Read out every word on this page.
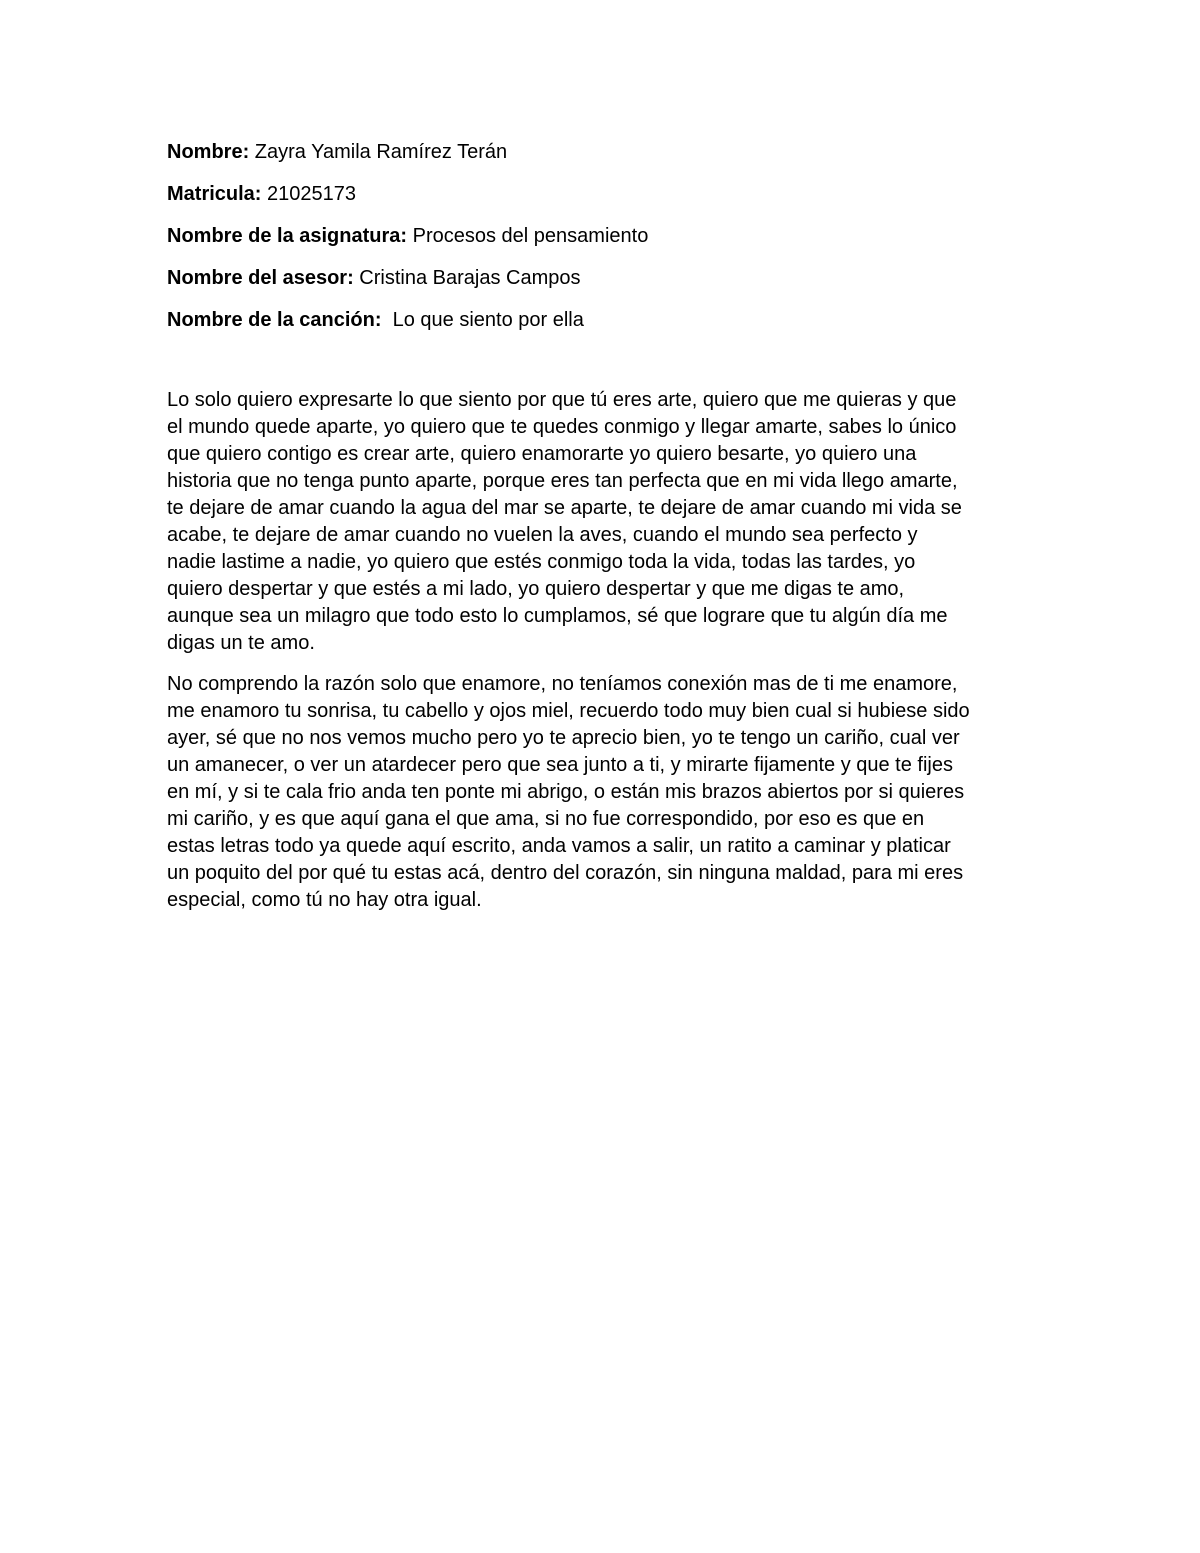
Nombre: Zayra Yamila Ramírez Terán
Matricula: 21025173
Nombre de la asignatura: Procesos del pensamiento
Nombre del asesor: Cristina Barajas Campos
Nombre de la canción:  Lo que siento por ella

Lo solo quiero expresarte lo que siento por que tú eres arte, quiero que me quieras y que
el mundo quede aparte, yo quiero que te quedes conmigo y llegar amarte, sabes lo único
que quiero contigo es crear arte, quiero enamorarte yo quiero besarte, yo quiero una
historia que no tenga punto aparte, porque eres tan perfecta que en mi vida llego amarte,
te dejare de amar cuando la agua del mar se aparte, te dejare de amar cuando mi vida se
acabe, te dejare de amar cuando no vuelen la aves, cuando el mundo sea perfecto y
nadie lastime a nadie, yo quiero que estés conmigo toda la vida, todas las tardes, yo
quiero despertar y que estés a mi lado, yo quiero despertar y que me digas te amo,
aunque sea un milagro que todo esto lo cumplamos, sé que lograre que tu algún día me
digas un te amo.

No comprendo la razón solo que enamore, no teníamos conexión mas de ti me enamore,
me enamoro tu sonrisa, tu cabello y ojos miel, recuerdo todo muy bien cual si hubiese sido
ayer, sé que no nos vemos mucho pero yo te aprecio bien, yo te tengo un cariño, cual ver
un amanecer, o ver un atardecer pero que sea junto a ti, y mirarte fijamente y que te fijes
en mí, y si te cala frio anda ten ponte mi abrigo, o están mis brazos abiertos por si quieres
mi cariño, y es que aquí gana el que ama, si no fue correspondido, por eso es que en
estas letras todo ya quede aquí escrito, anda vamos a salir, un ratito a caminar y platicar
un poquito del por qué tu estas acá, dentro del corazón, sin ninguna maldad, para mi eres
especial, como tú no hay otra igual.
